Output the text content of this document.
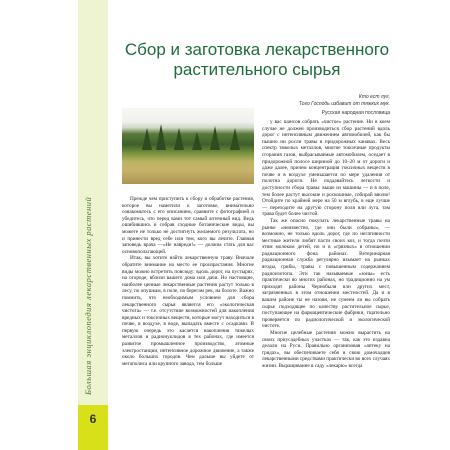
6
Большая энциклопедия лекарственных растений
Сбор и заготовка лекарственного растительного сырья
Кто ест луг,
Того Господь избавит от тяжких мук.
Русская народная пословица

Прежде чем приступить к сбору и обработке растения, которое вы наметили к заготовке, внимательно ознакомьтесь с его описанием, сравните с фотографией и убедитесь, что перед вами тот самый аптечный вид. Ведь ошибившись и собрав сходные ботанические виды, вы можете не только не достигнуть желаемого результата, но и принести вред себе или тем, кого вы лечите. Главная заповедь врача —«Не навреди!» — должна стать для вас основополагающей.

Итак, вы хотите найти лекарственную траву. Вначале обратите внимание на место ее произрастания. Многие виды можно встретить повсюду: вдоль дорог, на пустырях, на огороде, вблизи вашего дома или дачи. Но настоящие, наиболее ценные лекарственные растения растут только в лесу, по опушкам, в поле, по берегам рек, на болоте. Важно помнить, что необходимым условием для сбора лекарственного сырья является его «экологическая чистота» — т.е. отсутствие возможностей для накопления вредных и токсичных веществ, которые могут находиться в почве, в воздухе, в воде, выпадать вместе с осадками. В первую очередь это касается накопления тяжелых металлов и радионуклидов в тех районах, где имеется развитое промышленное производство, атомные электростанции, интенсивное дорожное движение, а также около больших городов. Чем дальше вы уйдете от мегаполиса или крупного завода, тем больше

у вас шансов собрать «чистое» растение. Ни в коем случае не должен производиться сбор растений вдоль дорог с интенсивным движением автомобилей, как бы пышно ни росли травы в придорожных канавах. Весь спектр тяжелых металлов, многие токсичные продукты сгорания газов, выбрасываемые автомобилем, оседает в придорожной полосе шириной до 10–20 м от дороги и даже далее, причем концентрация токсичных веществ в почве и в воздухе уменьшается по мере удаления от полотна дороги. Не поддавайтесь легкости и доступности сбора травы: выше из машины — и в поле, тем более растут высокие и роскошные, собирай вволю! Отойдите по крайней мере на 50 м вглубь, в еще лучше — переходите на другую сторону поля или луга, там трава будет более чистой.

Так же опасно покупать лекарственные травы на рынке «неизвестно, где они были собраны», — возможно, не только вдоль дорог, где по негативности местные жители любят пасти своих коз, и тогда почти этим молоком детей, но и в «грязных» в отношении радиационного фона районах. Ветеринарная радиационная служба регулярно изымает на рынках ягоды, грибы, травы с повышенным содержанием радиоизотопа. Эти так называемые «зоны» есть практически во многих районах, но традиционно на ум приходят районы Чернобыля или других мест, загрязненных в этом отношении местностей. Да и в вашем районе ты не назови, не сумеем ли вы собрать сырье подходящее по качеству растительное сырье, поступающее на фармацевтические фабрики, тщательно проверяется по радиологической и экологической чистоте.

Многие целебные растения можно вырастить на своих приусадебных участках — так, как это издавна делали на Руси. Правильно организовав «аптеку на грядах», вы обеспечиваете себя и свою домочадцев лекарственными средствами практически во всех случаях жизни. Выращивание в саду «лекарю» всегда
